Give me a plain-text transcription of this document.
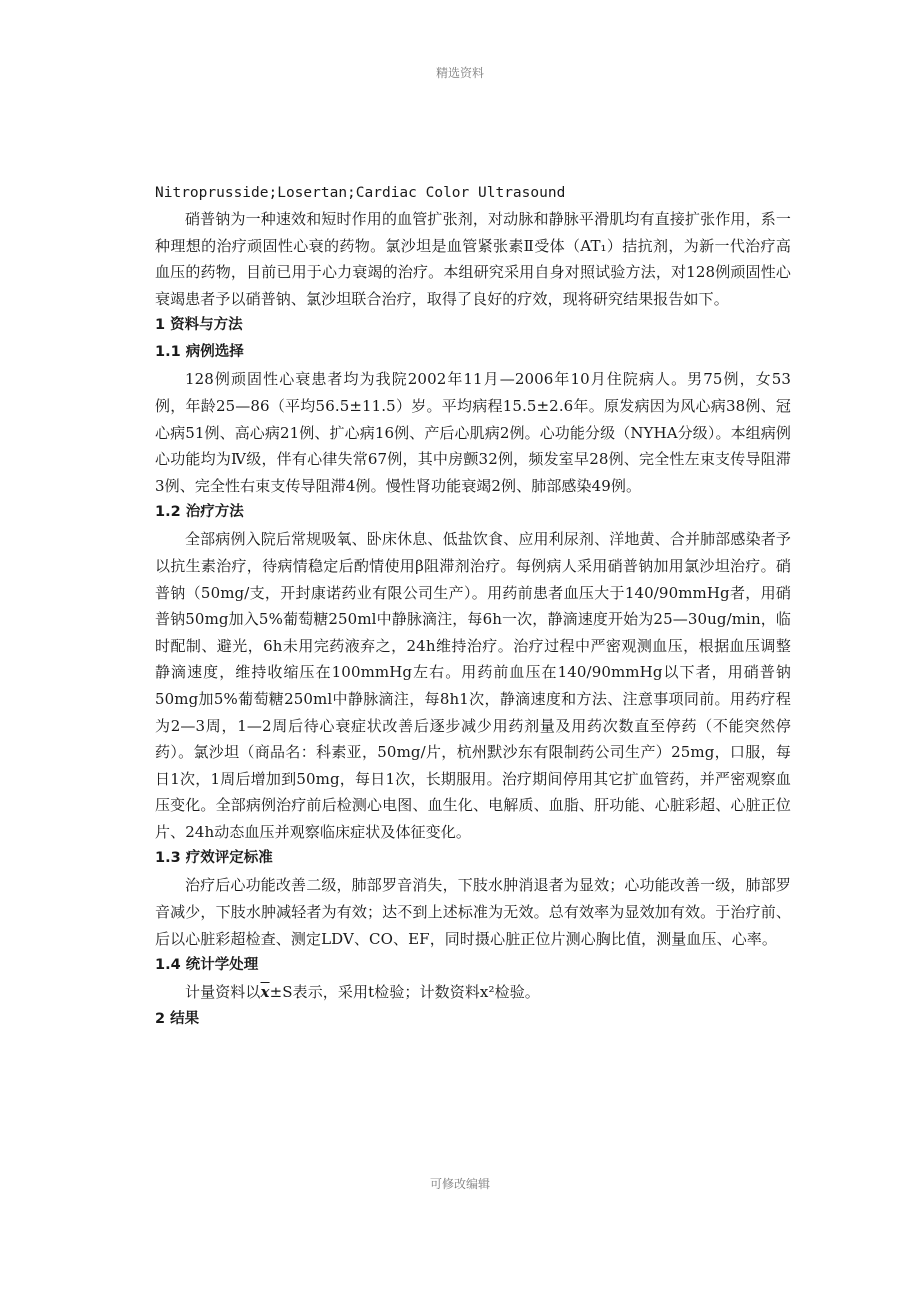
精选资料

Nitroprusside;Losertan;Cardiac Color Ultrasound

硝普钠为一种速效和短时作用的血管扩张剂，对动脉和静脉平滑肌均有直接扩张作用，系一种理想的治疗顽固性心衰的药物。氯沙坦是血管紧张素Ⅱ受体（AT₁）拮抗剂，为新一代治疗高血压的药物，目前已用于心力衰竭的治疗。本组研究采用自身对照试验方法，对128例顽固性心衰竭患者予以硝普钠、氯沙坦联合治疗，取得了良好的疗效，现将研究结果报告如下。

1 资料与方法
1.1 病例选择

128例顽固性心衰患者均为我院2002年11月—2006年10月住院病人。男75例，女53例，年龄25—86（平均56.5±11.5）岁。平均病程15.5±2.6年。原发病因为风心病38例、冠心病51例、高心病21例、扩心病16例、产后心肌病2例。心功能分级（NYHA分级）。本组病例心功能均为Ⅳ级，伴有心律失常67例，其中房颤32例，频发室早28例、完全性左束支传导阻滞3例、完全性右束支传导阻滞4例。慢性肾功能衰竭2例、肺部感染49例。

1.2 治疗方法

全部病例入院后常规吸氧、卧床休息、低盐饮食、应用利尿剂、洋地黄、合并肺部感染者予以抗生素治疗，待病情稳定后酌情使用β阻滞剂治疗。每例病人采用硝普钠加用氯沙坦治疗。硝普钠（50mg/支，开封康诺药业有限公司生产）。用药前患者血压大于140/90mmHg者，用硝普钠50mg加入5%葡萄糖250ml中静脉滴注，每6h一次，静滴速度开始为25—30ug/min，临时配制、避光，6h未用完药液弃之，24h维持治疗。治疗过程中严密观测血压，根据血压调整静滴速度，维持收缩压在100mmHg左右。用药前血压在140/90mmHg以下者，用硝普钠50mg加5%葡萄糖250ml中静脉滴注，每8h1次，静滴速度和方法、注意事项同前。用药疗程为2—3周，1—2周后待心衰症状改善后逐步减少用药剂量及用药次数直至停药（不能突然停药）。氯沙坦（商品名：科素亚，50mg/片，杭州默沙东有限制药公司生产）25mg，口服，每日1次，1周后增加到50mg，每日1次，长期服用。治疗期间停用其它扩血管药，并严密观察血压变化。全部病例治疗前后检测心电图、血生化、电解质、血脂、肝功能、心脏彩超、心脏正位片、24h动态血压并观察临床症状及体征变化。

1.3 疗效评定标准

治疗后心功能改善二级，肺部罗音消失，下肢水肿消退者为显效；心功能改善一级，肺部罗音减少，下肢水肿减轻者为有效；达不到上述标准为无效。总有效率为显效加有效。于治疗前、后以心脏彩超检查、测定LDV、CO、EF，同时摄心脏正位片测心胸比值，测量血压、心率。

1.4 统计学处理

计量资料以$\overline{x}\pm S$表示，采用t检验；计数资料x²检验。

2 结果
可修改编辑
